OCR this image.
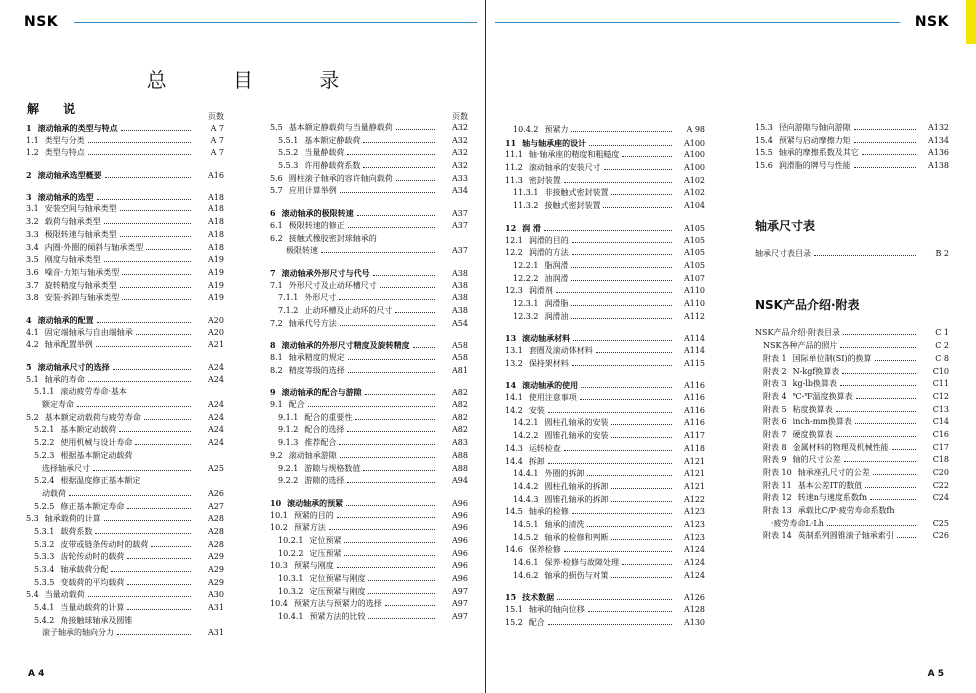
NSK
总 目 录
解 说
页数
1 滚动轴承的类型与特点	A 7
1.1 类型与分类	A 7
1.2 类型与特点	A 7
2 滚动轴承选型概要	A16
3 滚动轴承的选型	A18
3.1 安装空间与轴承类型	A18
3.2 载荷与轴承类型	A18
3.3 极限转速与轴承类型	A18
3.4 内圈·外圈的倾斜与轴承类型	A18
3.5 刚度与轴承类型	A19
3.6 噪音·力矩与轴承类型	A19
3.7 旋转精度与轴承类型	A19
3.8 安装·拆卸与轴承类型	A19
4 滚动轴承的配置	A20
4.1 固定端轴承与自由端轴承	A20
4.2 轴承配置举例	A21
5 滚动轴承尺寸的选择	A24
5.1 轴承的寿命	A24
5.1.1 滚动疲劳寿命·基本
额定寿命	A24
5.2 基本额定动载荷与疲劳寿命	A24
5.2.1 基本额定动载荷	A24
5.2.2 使用机械与设计寿命	A24
5.2.3 根据基本额定动载荷
选择轴承尺寸	A25
5.2.4 根据温度修正基本额定
动载荷	A26
5.2.5 修正基本额定寿命	A27
5.3 轴承载荷的计算	A28
5.3.1 载荷系数	A28
5.3.2 皮带或链条传动时的载荷	A28
5.3.3 齿轮传动时的载荷	A29
5.3.4 轴承载荷分配	A29
5.3.5 变载荷的平均载荷	A29
5.4 当量动载荷	A30
5.4.1 当量动载荷的计算	A31
5.4.2 角接触球轴承及圆锥
滚子轴承的轴向分力	A31
页数
5.5 基本额定静载荷与当量静载荷	A32
5.5.1 基本额定静载荷	A32
5.5.2 当量静载荷	A32
5.5.3 许用静载荷系数	A32
5.6 圆柱滚子轴承的容许轴向载荷	A33
5.7 应用计算举例	A34
6 滚动轴承的极限转速	A37
6.1 极限转速的修正	A37
6.2 接触式橡胶密封球轴承的
极限转速	A37
7 滚动轴承外形尺寸与代号	A38
7.1 外形尺寸及止动环槽尺寸	A38
7.1.1 外形尺寸	A38
7.1.2 止动环槽及止动环的尺寸	A38
7.2 轴承代号方法	A54
8 滚动轴承的外形尺寸精度及旋转精度	A58
8.1 轴承精度的规定	A58
8.2 精度等级的选择	A81
9 滚动轴承的配合与游隙	A82
9.1 配合	A82
9.1.1 配合的重要性	A82
9.1.2 配合的选择	A82
9.1.3 推荐配合	A83
9.2 滚动轴承游隙	A88
9.2.1 游隙与规格数值	A88
9.2.2 游隙的选择	A94
10 滚动轴承的预紧	A96
10.1 预紧的目的	A96
10.2 预紧方法	A96
10.2.1 定位预紧	A96
10.2.2 定压预紧	A96
10.3 预紧与刚度	A96
10.3.1 定位预紧与刚度	A96
10.3.2 定压预紧与刚度	A97
10.4 预紧方法与预紧力的选择	A97
10.4.1 预紧方法的比较	A97
A 4
NSK
10.4.2 预紧力	A 98
11 轴与轴承座的设计	A100
11.1 轴·轴承座的精度和粗糙度	A100
11.2 滚动轴承的安装尺寸	A100
11.3 密封装置	A102
11.3.1 非接触式密封装置	A102
11.3.2 接触式密封装置	A104
12 润 滑	A105
12.1 润滑的目的	A105
12.2 润滑的方法	A105
12.2.1 脂润滑	A105
12.2.2 油润滑	A107
12.3 润滑剂	A110
12.3.1 润滑脂	A110
12.3.2 润滑油	A112
13 滚动轴承材料	A114
13.1 套圈及滚动体材料	A114
13.2 保持架材料	A115
14 滚动轴承的使用	A116
14.1 使用注意事项	A116
14.2 安装	A116
14.2.1 圆柱孔轴承的安装	A116
14.2.2 圆锥孔轴承的安装	A117
14.3 运转检查	A118
14.4 拆卸	A121
14.4.1 外圈的拆卸	A121
14.4.2 圆柱孔轴承的拆卸	A121
14.4.3 圆锥孔轴承的拆卸	A122
14.5 轴承的检修	A123
14.5.1 轴承的清洗	A123
14.5.2 轴承的检修和判断	A123
14.6 保养检修	A124
14.6.1 保养·检修与故障处理	A124
14.6.2 轴承的损伤与对策	A124
15 技术数据	A126
15.1 轴承的轴向位移	A128
15.2 配合	A130
15.3 径向游隙与轴向游隙	A132
15.4 预紧与启动摩擦力矩	A134
15.5 轴承的摩擦系数及其它	A136
15.6 润滑脂的牌号与性能	A138
轴承尺寸表
轴承尺寸表目录	B 2
NSK产品介绍·附表
NSK产品介绍·附表目录	C 1
NSK各种产品的照片	C 2
附表 1 国际单位制(SI)的换算	C 8
附表 2 N-kgf换算表	C10
附表 3 kg-lb换算表	C11
附表 4 ℃-℉温度换算表	C12
附表 5 粘度换算表	C13
附表 6 inch-mm换算表	C14
附表 7 硬度换算表	C16
附表 8 金属材料的物理及机械性能	C17
附表 9 轴的尺寸公差	C18
附表 10 轴承座孔尺寸的公差	C20
附表 11 基本公差IT的数值	C22
附表 12 转速n与速度系数fn	C24
附表 13 承载比C/P·疲劳寿命系数fh
·疲劳寿命L·Lh	C25
附表 14 英制系列圆锥滚子轴承索引	C26
A 5
